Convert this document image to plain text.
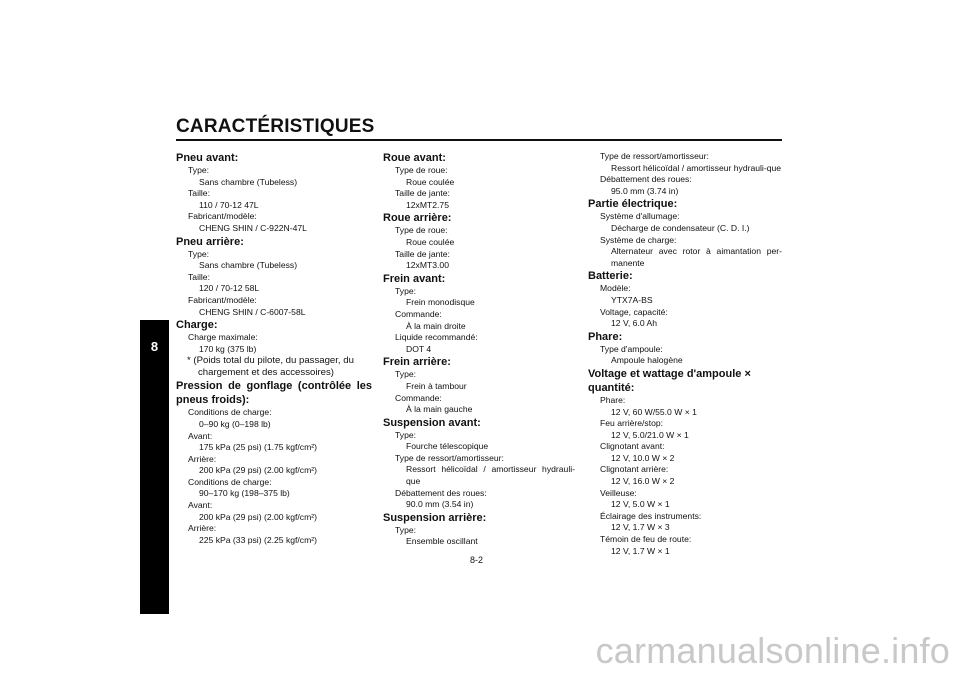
CARACTÉRISTIQUES
8
Pneu avant:
Type:
Sans chambre (Tubeless)
Taille:
110 / 70-12 47L
Fabricant/modèle:
CHENG SHIN / C-922N-47L
Pneu arrière:
Type:
Sans chambre (Tubeless)
Taille:
120 / 70-12 58L
Fabricant/modèle:
CHENG SHIN / C-6007-58L
Charge:
Charge maximale:
170 kg (375 lb)
* (Poids total du pilote, du passager, du chargement et des accessoires)
Pression de gonflage (contrôlée les pneus froids):
Conditions de charge:
0–90 kg (0–198 lb)
Avant:
175 kPa (25 psi) (1.75 kgf/cm²)
Arrière:
200 kPa (29 psi) (2.00 kgf/cm²)
Conditions de charge:
90–170 kg (198–375 lb)
Avant:
200 kPa (29 psi) (2.00 kgf/cm²)
Arrière:
225 kPa (33 psi) (2.25 kgf/cm²)
Roue avant:
Type de roue:
Roue coulée
Taille de jante:
12xMT2.75
Roue arrière:
Type de roue:
Roue coulée
Taille de jante:
12xMT3.00
Frein avant:
Type:
Frein monodisque
Commande:
À la main droite
Liquide recommandé:
DOT 4
Frein arrière:
Type:
Frein à tambour
Commande:
À la main gauche
Suspension avant:
Type:
Fourche télescopique
Type de ressort/amortisseur:
Ressort hélicoïdal / amortisseur hydrauli-que
Débattement des roues:
90.0 mm (3.54 in)
Suspension arrière:
Type:
Ensemble oscillant
Type de ressort/amortisseur:
Ressort hélicoïdal / amortisseur hydrauli-que
Débattement des roues:
95.0 mm (3.74 in)
Partie électrique:
Système d'allumage:
Décharge de condensateur (C. D. I.)
Système de charge:
Alternateur avec rotor à aimantation per-manente
Batterie:
Modèle:
YTX7A-BS
Voltage, capacité:
12 V, 6.0 Ah
Phare:
Type d'ampoule:
Ampoule halogène
Voltage et wattage d'ampoule × quantité:
Phare:
12 V, 60 W/55.0 W × 1
Feu arrière/stop:
12 V, 5.0/21.0 W × 1
Clignotant avant:
12 V, 10.0 W × 2
Clignotant arrière:
12 V, 16.0 W × 2
Veilleuse:
12 V, 5.0 W × 1
Éclairage des instruments:
12 V, 1.7 W × 3
Témoin de feu de route:
12 V, 1.7 W × 1
8-2
carmanualsonline.info
